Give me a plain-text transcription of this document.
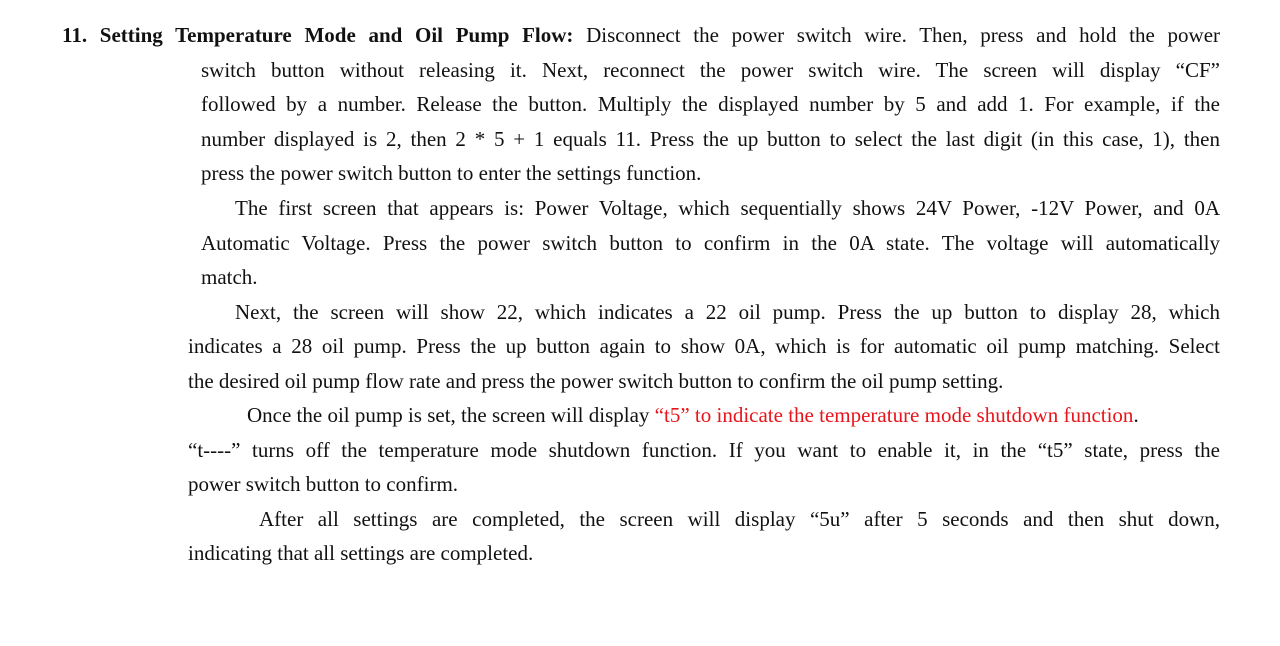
11. Setting Temperature Mode and Oil Pump Flow: Disconnect the power switch wire. Then, press and hold the power
switch button without releasing it. Next, reconnect the power switch wire. The screen will display “CF”
followed by a number. Release the button. Multiply the displayed number by 5 and add 1. For example, if the
number displayed is 2, then 2 * 5 + 1 equals 11. Press the up button to select the last digit (in this case, 1), then
press the power switch button to enter the settings function.
The first screen that appears is: Power Voltage, which sequentially shows 24V Power, -12V Power, and 0A
Automatic Voltage. Press the power switch button to confirm in the 0A state. The voltage will automatically
match.
Next, the screen will show 22, which indicates a 22 oil pump. Press the up button to display 28, which
indicates a 28 oil pump. Press the up button again to show 0A, which is for automatic oil pump matching. Select
the desired oil pump flow rate and press the power switch button to confirm the oil pump setting.
Once the oil pump is set, the screen will display “t5” to indicate the temperature mode shutdown function.
“t----” turns off the temperature mode shutdown function. If you want to enable it, in the “t5” state, press the
power switch button to confirm.
After all settings are completed, the screen will display “5u” after 5 seconds and then shut down,
indicating that all settings are completed.
